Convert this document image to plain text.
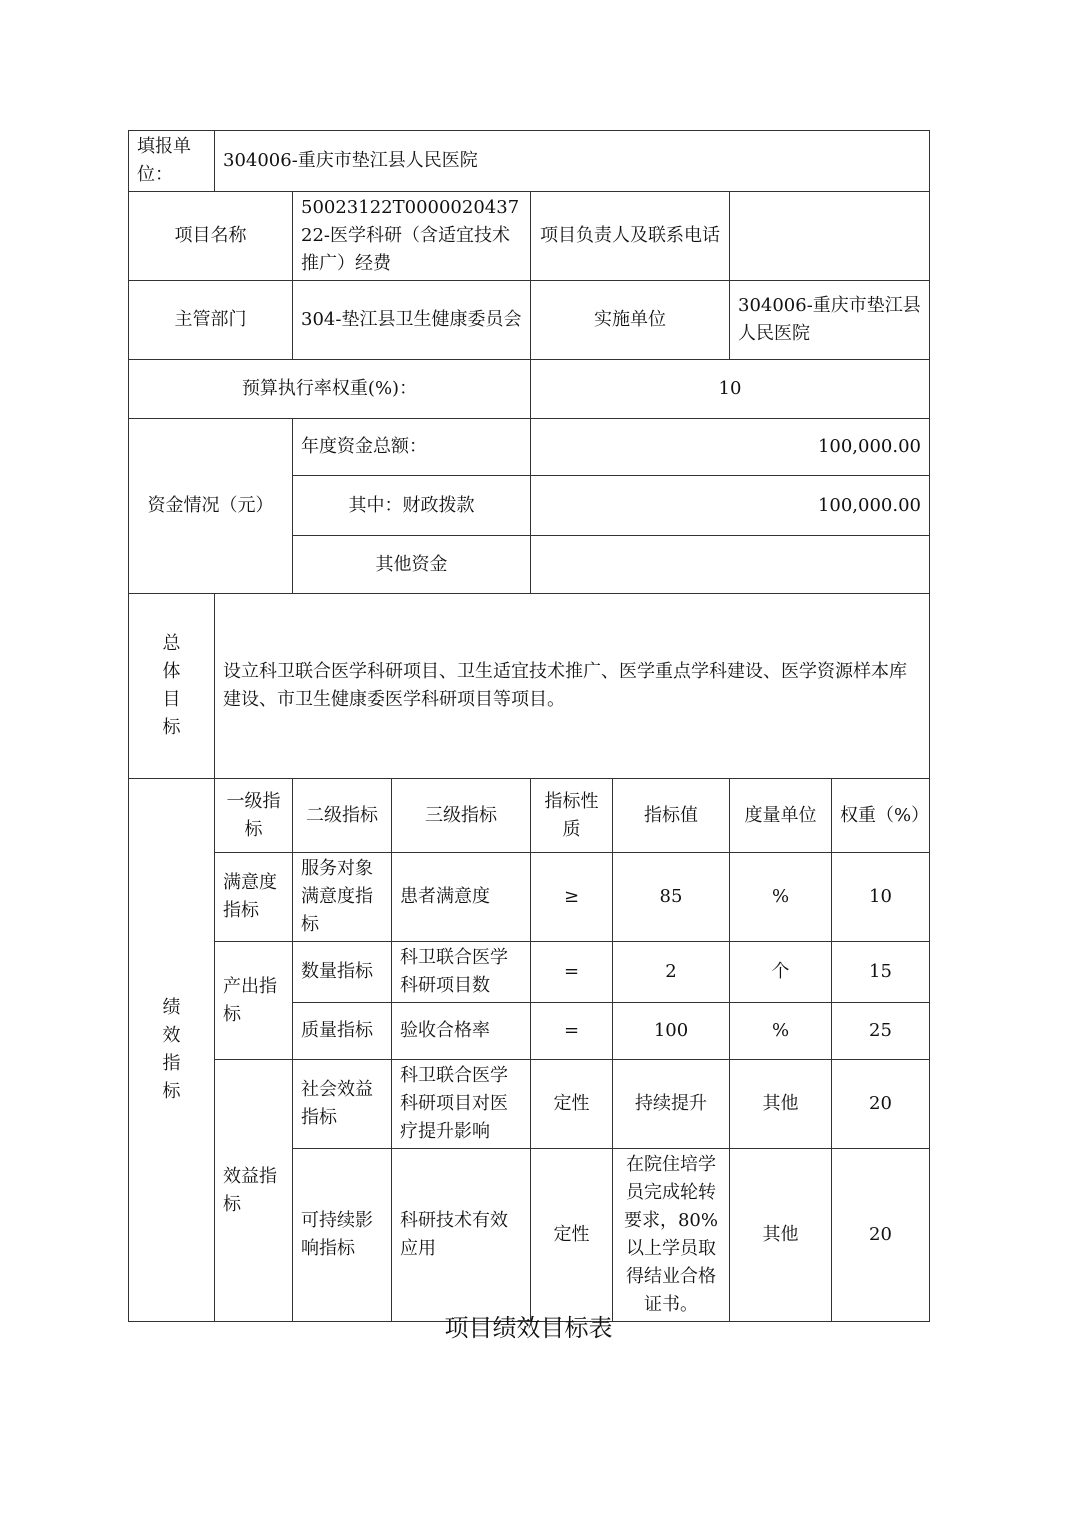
填报单位：	304006-重庆市垫江县人民医院						
项目名称		50023122T000002043722-医学科研（含适宜技术推广）经费		项目负责人及联系电话			
主管部门		304-垫江县卫生健康委员会		实施单位		304006-重庆市垫江县人民医院	
预算执行率权重(%)：				10			
资金情况（元）		年度资金总额：		100,000.00			
		其中：财政拨款		100,000.00			
		其他资金					

总
体
目
标	设立科卫联合医学科研项目、卫生适宜技术推广、医学重点学科建设、医学资源样本库建设、市卫生健康委医学科研项目等项目。						

绩
效
指
标	一级指标	二级指标	三级指标	指标性质	指标值	度量单位	权重（%）
	满意度指标	服务对象满意度指标	患者满意度	≥	85	%	10
	产出指标	数量指标	科卫联合医学科研项目数	=	2	个	15
		质量指标	验收合格率	=	100	%	25
	效益指标	社会效益指标	科卫联合医学科研项目对医疗提升影响	定性	持续提升	其他	20
		可持续影响指标	科研技术有效应用	定性	在院住培学员完成轮转要求，80%以上学员取得结业合格证书。	其他	20
项目绩效目标表
